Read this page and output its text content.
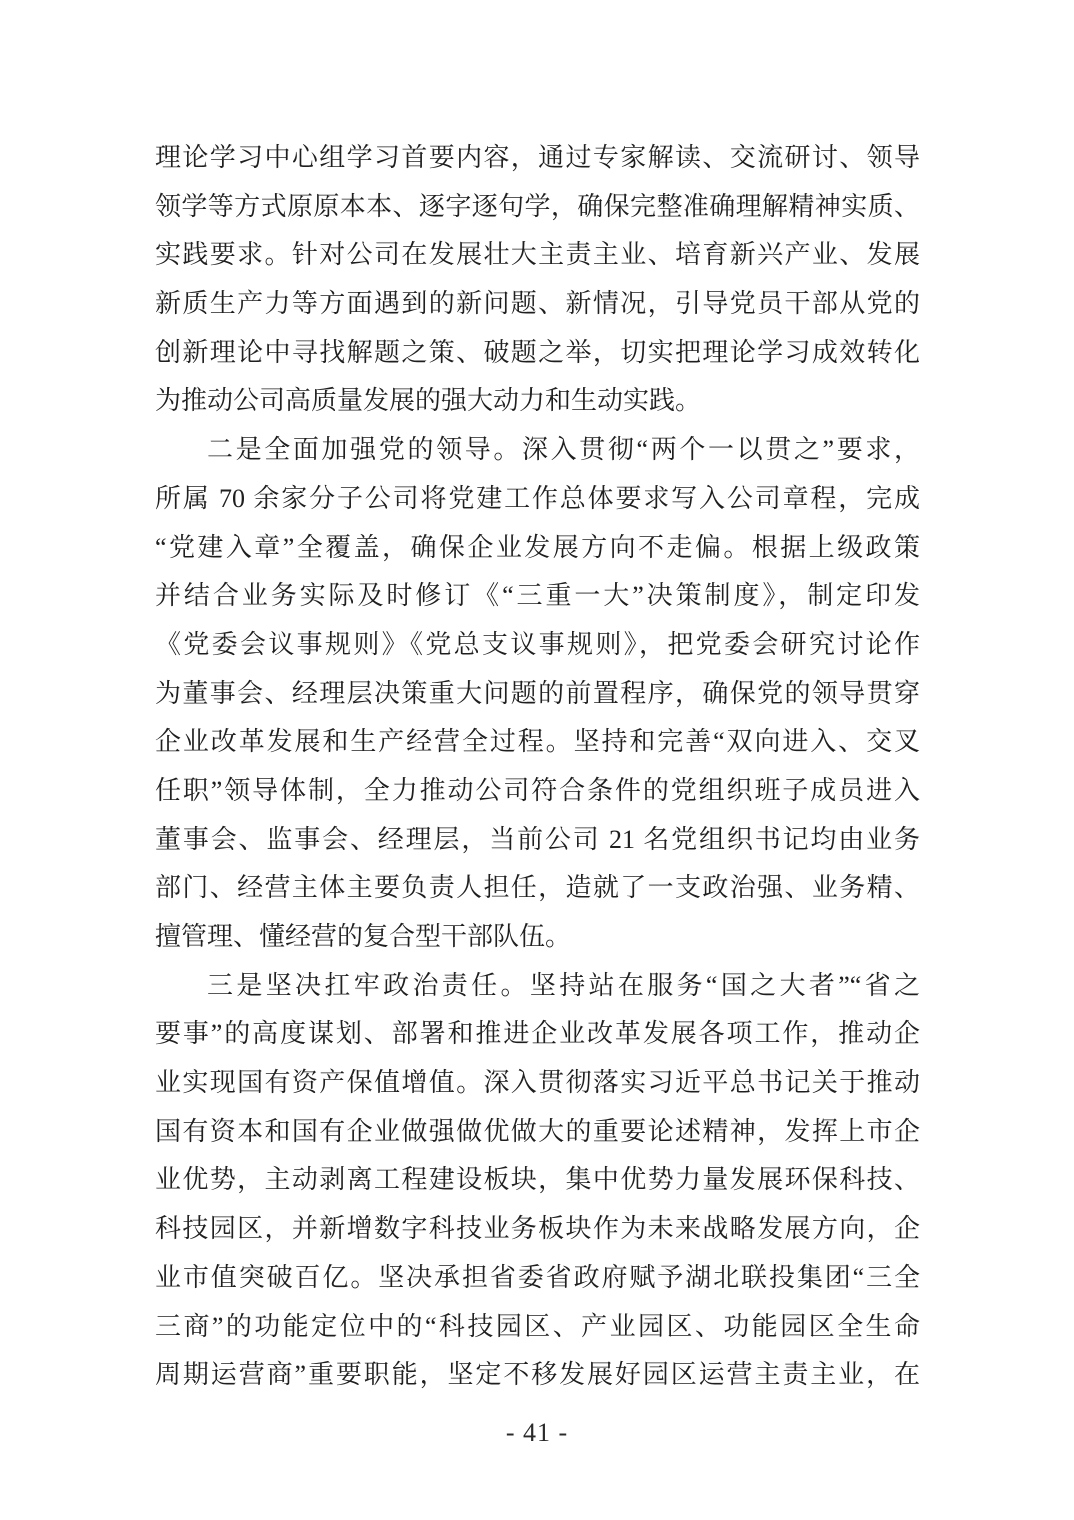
理论学习中心组学习首要内容，通过专家解读、交流研讨、领导
领学等方式原原本本、逐字逐句学，确保完整准确理解精神实质、
实践要求。针对公司在发展壮大主责主业、培育新兴产业、发展
新质生产力等方面遇到的新问题、新情况，引导党员干部从党的
创新理论中寻找解题之策、破题之举，切实把理论学习成效转化
为推动公司高质量发展的强大动力和生动实践。
二是全面加强党的领导。深入贯彻“两个一以贯之”要求，
所属 70 余家分子公司将党建工作总体要求写入公司章程，完成
“党建入章”全覆盖，确保企业发展方向不走偏。根据上级政策
并结合业务实际及时修订《“三重一大”决策制度》，制定印发
《党委会议事规则》《党总支议事规则》，把党委会研究讨论作
为董事会、经理层决策重大问题的前置程序，确保党的领导贯穿
企业改革发展和生产经营全过程。坚持和完善“双向进入、交叉
任职”领导体制，全力推动公司符合条件的党组织班子成员进入
董事会、监事会、经理层，当前公司 21 名党组织书记均由业务
部门、经营主体主要负责人担任，造就了一支政治强、业务精、
擅管理、懂经营的复合型干部队伍。
三是坚决扛牢政治责任。坚持站在服务“国之大者”“省之
要事”的高度谋划、部署和推进企业改革发展各项工作，推动企
业实现国有资产保值增值。深入贯彻落实习近平总书记关于推动
国有资本和国有企业做强做优做大的重要论述精神，发挥上市企
业优势，主动剥离工程建设板块，集中优势力量发展环保科技、
科技园区，并新增数字科技业务板块作为未来战略发展方向，企
业市值突破百亿。坚决承担省委省政府赋予湖北联投集团“三全
三商”的功能定位中的“科技园区、产业园区、功能园区全生命
周期运营商”重要职能，坚定不移发展好园区运营主责主业，在
- 41 -
